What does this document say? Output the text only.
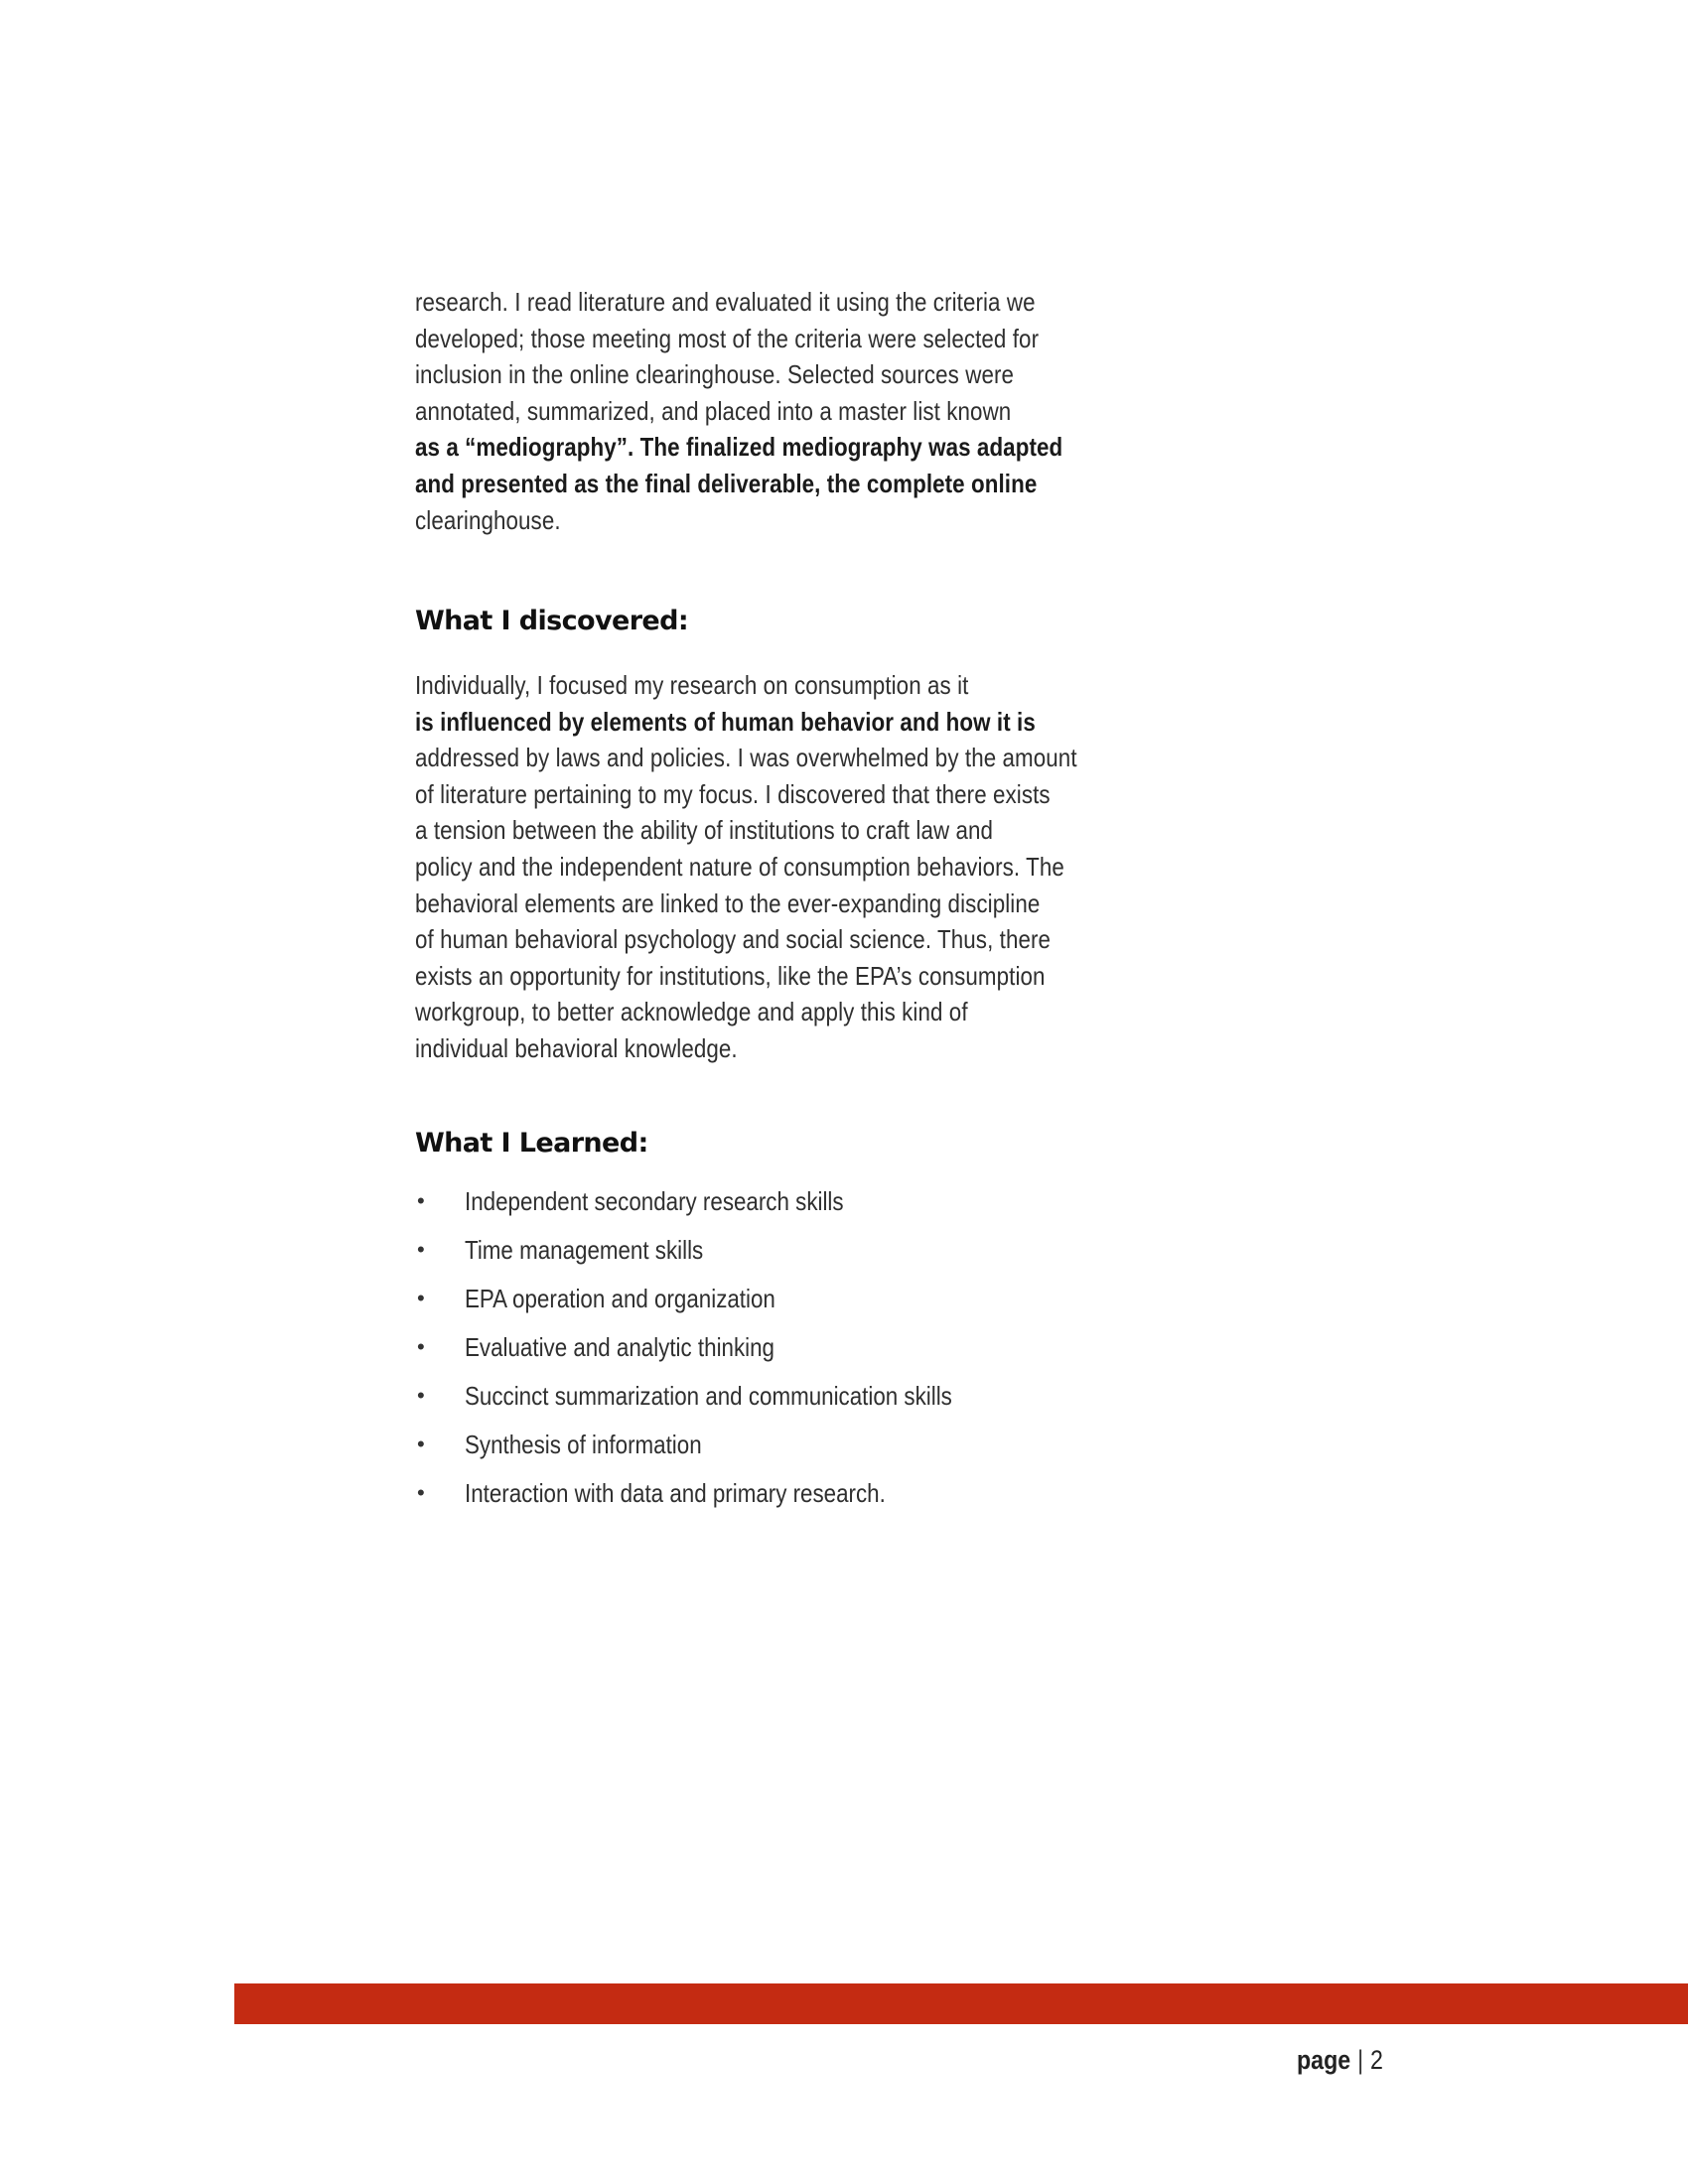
research. I read literature and evaluated it using the criteria we
developed; those meeting most of the criteria were selected for
inclusion in the online clearinghouse. Selected sources were
annotated, summarized, and placed into a master list known
as a “mediography”. The finalized mediography was adapted
and presented as the final deliverable, the complete online
clearinghouse.

What I discovered:

Individually, I focused my research on consumption as it
is influenced by elements of human behavior and how it is
addressed by laws and policies. I was overwhelmed by the amount
of literature pertaining to my focus. I discovered that there exists
a tension between the ability of institutions to craft law and
policy and the independent nature of consumption behaviors. The
behavioral elements are linked to the ever-expanding discipline
of human behavioral psychology and social science. Thus, there
exists an opportunity for institutions, like the EPA’s consumption
workgroup, to better acknowledge and apply this kind of
individual behavioral knowledge.

What I Learned:
• Independent secondary research skills
• Time management skills
• EPA operation and organization
• Evaluative and analytic thinking
• Succinct summarization and communication skills
• Synthesis of information
• Interaction with data and primary research.
page | 2
